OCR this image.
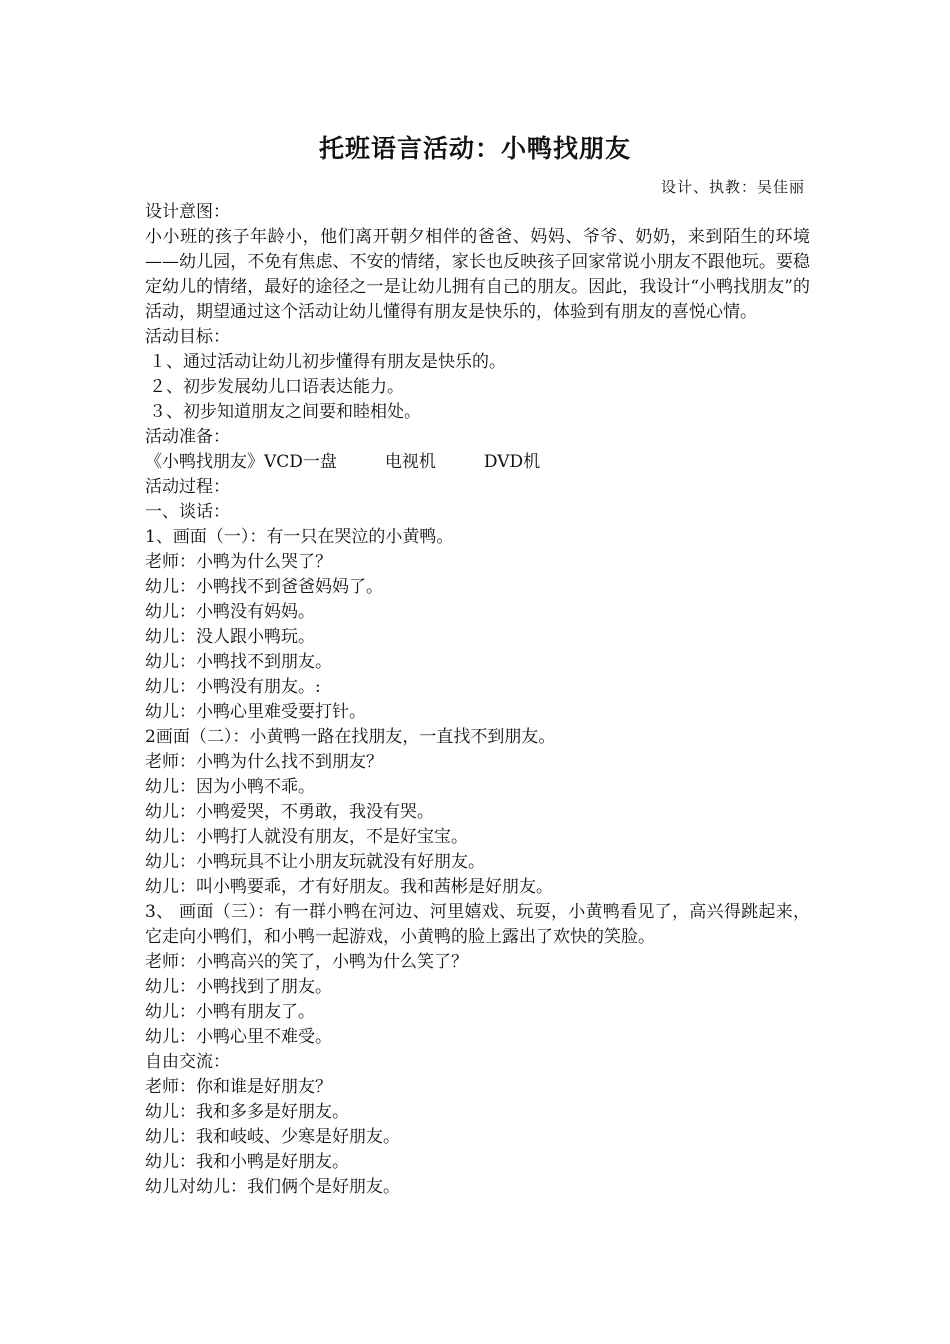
托班语言活动：小鸭找朋友
设计、执教：吴佳丽
设计意图：
小小班的孩子年龄小，他们离开朝夕相伴的爸爸、妈妈、爷爷、奶奶，来到陌生的环境——幼儿园，不免有焦虑、不安的情绪，家长也反映孩子回家常说小朋友不跟他玩。要稳定幼儿的情绪，最好的途径之一是让幼儿拥有自己的朋友。因此，我设计“小鸭找朋友”的活动，期望通过这个活动让幼儿懂得有朋友是快乐的，体验到有朋友的喜悦心情。
活动目标：
１、通过活动让幼儿初步懂得有朋友是快乐的。
２、初步发展幼儿口语表达能力。
３、初步知道朋友之间要和睦相处。
活动准备：
《小鸭找朋友》VCD一盘	电视机	DVD机
活动过程：
一、谈话：
1、画面（一）：有一只在哭泣的小黄鸭。
老师：小鸭为什么哭了？
幼儿：小鸭找不到爸爸妈妈了。
幼儿：小鸭没有妈妈。
幼儿：没人跟小鸭玩。
幼儿：小鸭找不到朋友。
幼儿：小鸭没有朋友。:
幼儿：小鸭心里难受要打针。
2画面（二）：小黄鸭一路在找朋友，一直找不到朋友。
老师：小鸭为什么找不到朋友？
幼儿：因为小鸭不乖。
幼儿：小鸭爱哭，不勇敢，我没有哭。
幼儿：小鸭打人就没有朋友，不是好宝宝。
幼儿：小鸭玩具不让小朋友玩就没有好朋友。
幼儿：叫小鸭要乖，才有好朋友。我和茜彬是好朋友。
3、 画面（三）：有一群小鸭在河边、河里嬉戏、玩耍，小黄鸭看见了，高兴得跳起来，它走向小鸭们，和小鸭一起游戏，小黄鸭的脸上露出了欢快的笑脸。
老师：小鸭高兴的笑了，小鸭为什么笑了？
幼儿：小鸭找到了朋友。
幼儿：小鸭有朋友了。
幼儿：小鸭心里不难受。
自由交流：
老师：你和谁是好朋友？
幼儿：我和多多是好朋友。
幼儿：我和岐岐、少寒是好朋友。
幼儿：我和小鸭是好朋友。
幼儿对幼儿：我们俩个是好朋友。
